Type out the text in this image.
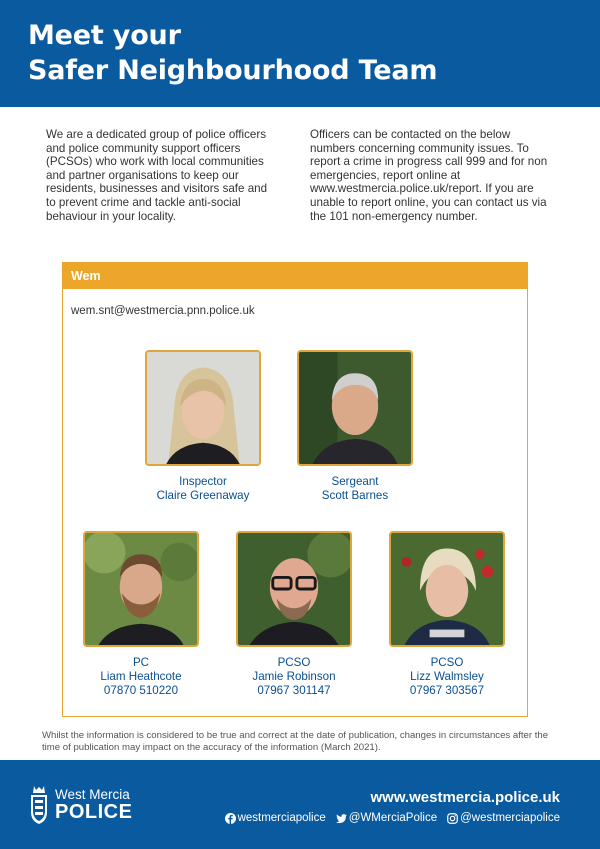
Meet your
Safer Neighbourhood Team

We are a dedicated group of police officers and police community support officers (PCSOs) who work with local communities and partner organisations to keep our residents, businesses and visitors safe and to prevent crime and tackle anti-social behaviour in your locality.

Officers can be contacted on the below numbers concerning community issues. To report a crime in progress call 999 and for non emergencies, report online at www.westmercia.police.uk/report. If you are unable to report online, you can contact us via the 101 non-emergency number.

Wem
wem.snt@westmercia.pnn.police.uk
Inspector
Claire Greenaway
Sergeant
Scott Barnes
PC
Liam Heathcote
07870 510220
PCSO
Jamie Robinson
07967 301147
PCSO
Lizz Walmsley
07967 303567

Whilst the information is considered to be true and correct at the date of publication, changes in circumstances after the time of publication may impact on the accuracy of the information (March 2021).

West Mercia
POLICE
www.westmercia.police.uk
westmerciapolice @WMerciaPolice @westmerciapolice
